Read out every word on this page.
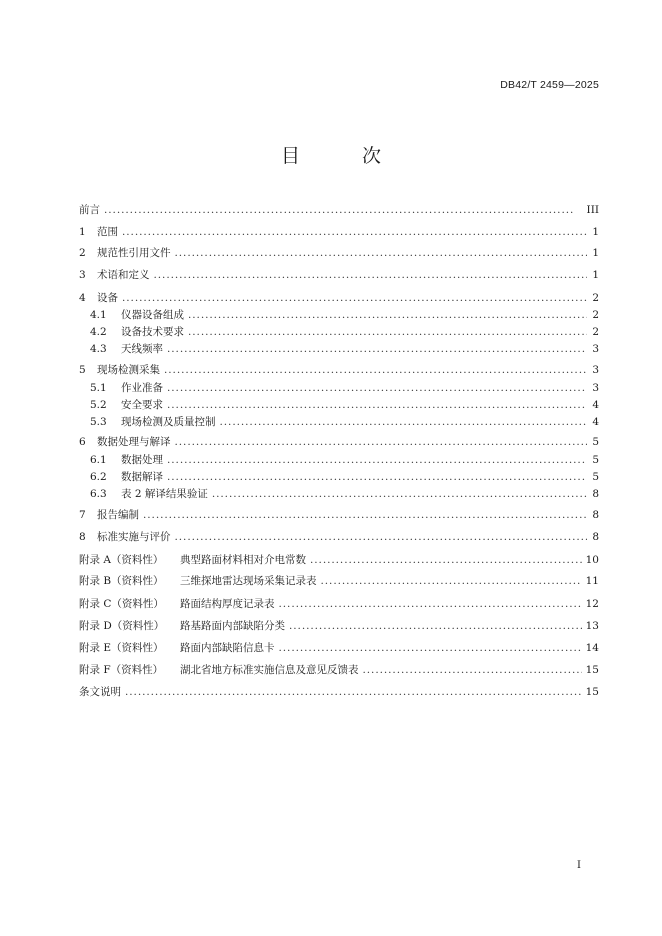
DB42/T 2459—2025
目 次
前言 . . .	III
1	范围 . . .	1
2	规范性引用文件 . . .	1
3	术语和定义 . . .	1
4	设备 . . .	2
4.1	仪器设备组成 . . .	2
4.2	设备技术要求 . . .	2
4.3	天线频率 . . .	3
5	现场检测采集 . . .	3
5.1	作业准备 . . .	3
5.2	安全要求 . . .	4
5.3	现场检测及质量控制 . . .	4
6	数据处理与解译 . . .	5
6.1	数据处理 . . .	5
6.2	数据解译 . . .	5
6.3	表 2 解译结果验证 . . .	8
7	报告编制 . . .	8
8	标准实施与评价 . . .	8
附录 A（资料性）	典型路面材料相对介电常数 . . .	10
附录 B（资料性）	三维探地雷达现场采集记录表 . . .	11
附录 C（资料性）	路面结构厚度记录表 . . .	12
附录 D（资料性）	路基路面内部缺陷分类 . . .	13
附录 E（资料性）	路面内部缺陷信息卡 . . .	14
附录 F（资料性）	湖北省地方标准实施信息及意见反馈表 . . .	15
条文说明 . . .	15
I
